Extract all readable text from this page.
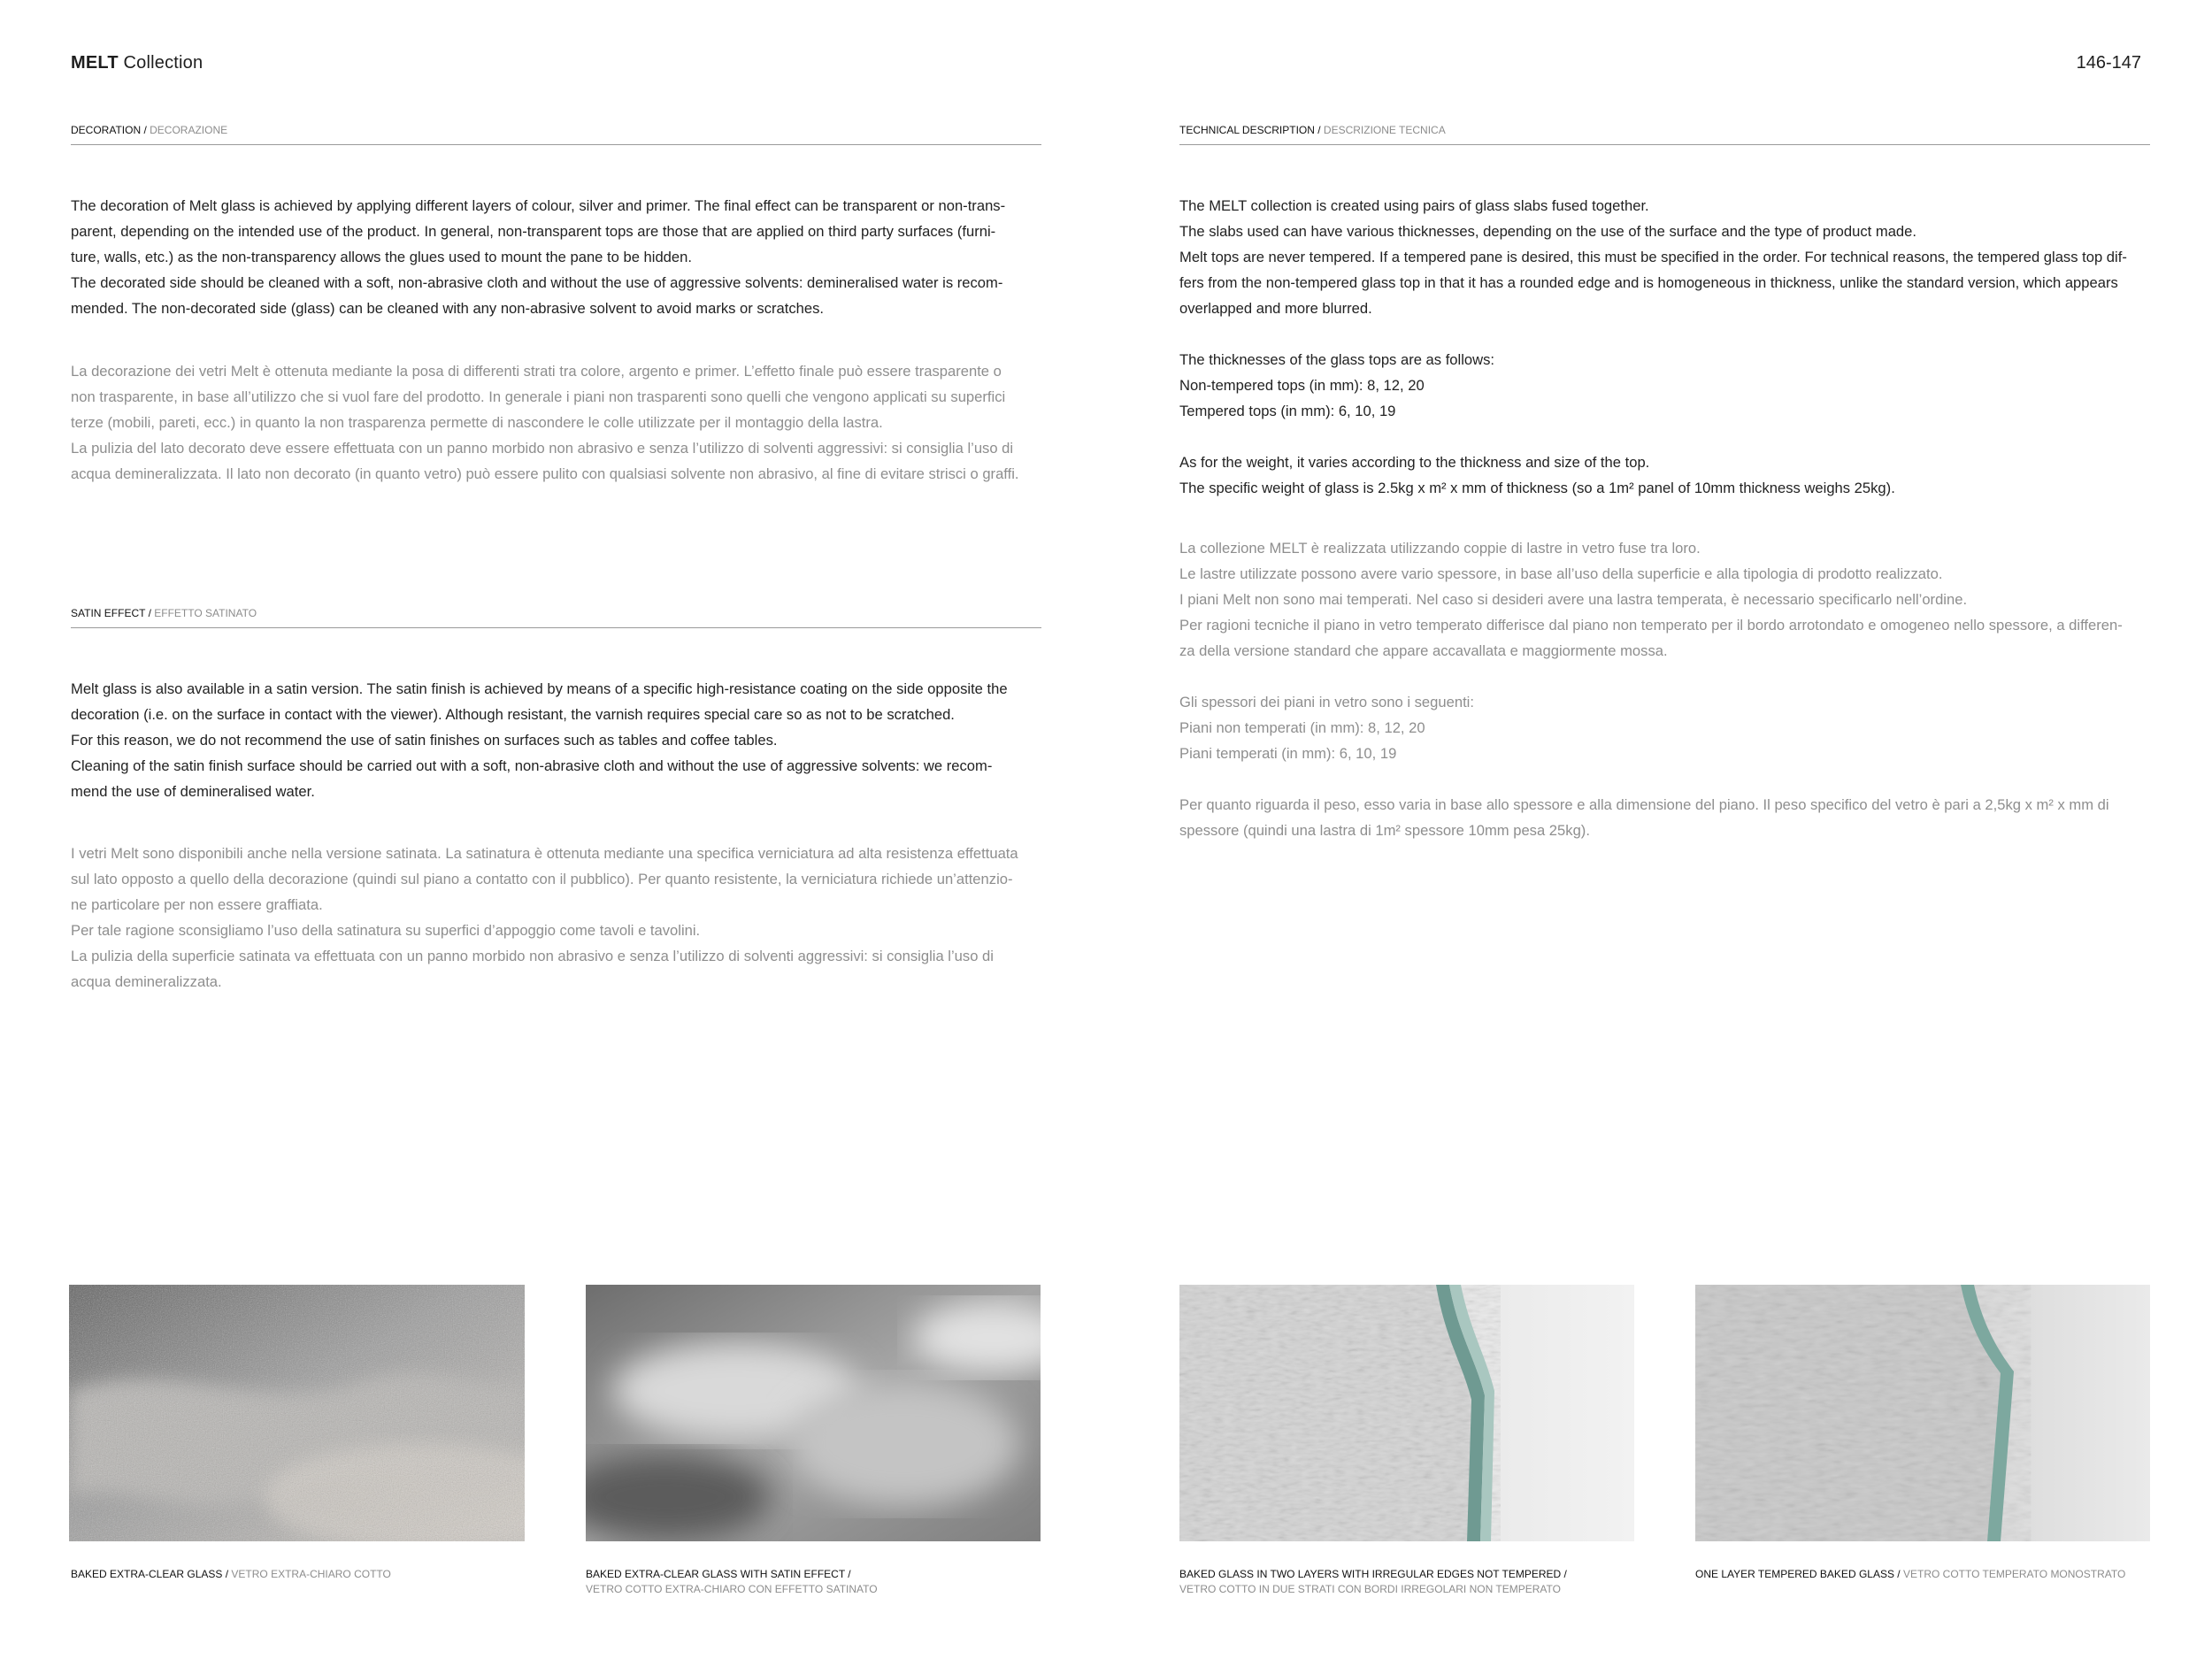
MELT Collection	146-147
DECORATION / DECORAZIONE

The decoration of Melt glass is achieved by applying different layers of colour, silver and primer. The final effect can be transparent or non-trans-
parent, depending on the intended use of the product. In general, non-transparent tops are those that are applied on third party surfaces (furni-
ture, walls, etc.) as the non-transparency allows the glues used to mount the pane to be hidden.
The decorated side should be cleaned with a soft, non-abrasive cloth and without the use of aggressive solvents: demineralised water is recom-
mended. The non-decorated side (glass) can be cleaned with any non-abrasive solvent to avoid marks or scratches.

La decorazione dei vetri Melt è ottenuta mediante la posa di differenti strati tra colore, argento e primer. L’effetto finale può essere trasparente o
non trasparente, in base all’utilizzo che si vuol fare del prodotto. In generale i piani non trasparenti sono quelli che vengono applicati su superfici
terze (mobili, pareti, ecc.) in quanto la non trasparenza permette di nascondere le colle utilizzate per il montaggio della lastra.
La pulizia del lato decorato deve essere effettuata con un panno morbido non abrasivo e senza l’utilizzo di solventi aggressivi: si consiglia l’uso di
acqua demineralizzata. Il lato non decorato (in quanto vetro) può essere pulito con qualsiasi solvente non abrasivo, al fine di evitare strisci o graffi.

SATIN EFFECT / EFFETTO SATINATO

Melt glass is also available in a satin version. The satin finish is achieved by means of a specific high-resistance coating on the side opposite the
decoration (i.e. on the surface in contact with the viewer). Although resistant, the varnish requires special care so as not to be scratched.
For this reason, we do not recommend the use of satin finishes on surfaces such as tables and coffee tables.
Cleaning of the satin finish surface should be carried out with a soft, non-abrasive cloth and without the use of aggressive solvents: we recom-
mend the use of demineralised water.

I vetri Melt sono disponibili anche nella versione satinata. La satinatura è ottenuta mediante una specifica verniciatura ad alta resistenza effettuata
sul lato opposto a quello della decorazione (quindi sul piano a contatto con il pubblico). Per quanto resistente, la verniciatura richiede un’attenzio-
ne particolare per non essere graffiata.
Per tale ragione sconsigliamo l’uso della satinatura su superfici d’appoggio come tavoli e tavolini.
La pulizia della superficie satinata va effettuata con un panno morbido non abrasivo e senza l’utilizzo di solventi aggressivi: si consiglia l’uso di
acqua demineralizzata.

TECHNICAL DESCRIPTION / DESCRIZIONE TECNICA

The MELT collection is created using pairs of glass slabs fused together.
The slabs used can have various thicknesses, depending on the use of the surface and the type of product made.
Melt tops are never tempered. If a tempered pane is desired, this must be specified in the order. For technical reasons, the tempered glass top dif-
fers from the non-tempered glass top in that it has a rounded edge and is homogeneous in thickness, unlike the standard version, which appears
overlapped and more blurred.

The thicknesses of the glass tops are as follows:
Non-tempered tops (in mm): 8, 12, 20
Tempered tops (in mm): 6, 10, 19

As for the weight, it varies according to the thickness and size of the top.
The specific weight of glass is 2.5kg x m² x mm of thickness (so a 1m² panel of 10mm thickness weighs 25kg).

La collezione MELT è realizzata utilizzando coppie di lastre in vetro fuse tra loro.
Le lastre utilizzate possono avere vario spessore, in base all’uso della superficie e alla tipologia di prodotto realizzato.
I piani Melt non sono mai temperati. Nel caso si desideri avere una lastra temperata, è necessario specificarlo nell’ordine.
Per ragioni tecniche il piano in vetro temperato differisce dal piano non temperato per il bordo arrotondato e omogeneo nello spessore, a differen-
za della versione standard che appare accavallata e maggiormente mossa.

Gli spessori dei piani in vetro sono i seguenti:
Piani non temperati (in mm): 8, 12, 20
Piani temperati (in mm): 6, 10, 19

Per quanto riguarda il peso, esso varia in base allo spessore e alla dimensione del piano. Il peso specifico del vetro è pari a 2,5kg x m² x mm di
spessore (quindi una lastra di 1m² spessore 10mm pesa 25kg).

BAKED EXTRA-CLEAR GLASS / VETRO EXTRA-CHIARO COTTO	BAKED EXTRA-CLEAR GLASS WITH SATIN EFFECT /
VETRO COTTO EXTRA-CHIARO CON EFFETTO SATINATO
BAKED GLASS IN TWO LAYERS WITH IRREGULAR EDGES NOT TEMPERED /
VETRO COTTO IN DUE STRATI CON BORDI IRREGOLARI NON TEMPERATO
ONE LAYER TEMPERED BAKED GLASS / VETRO COTTO TEMPERATO MONOSTRATO
